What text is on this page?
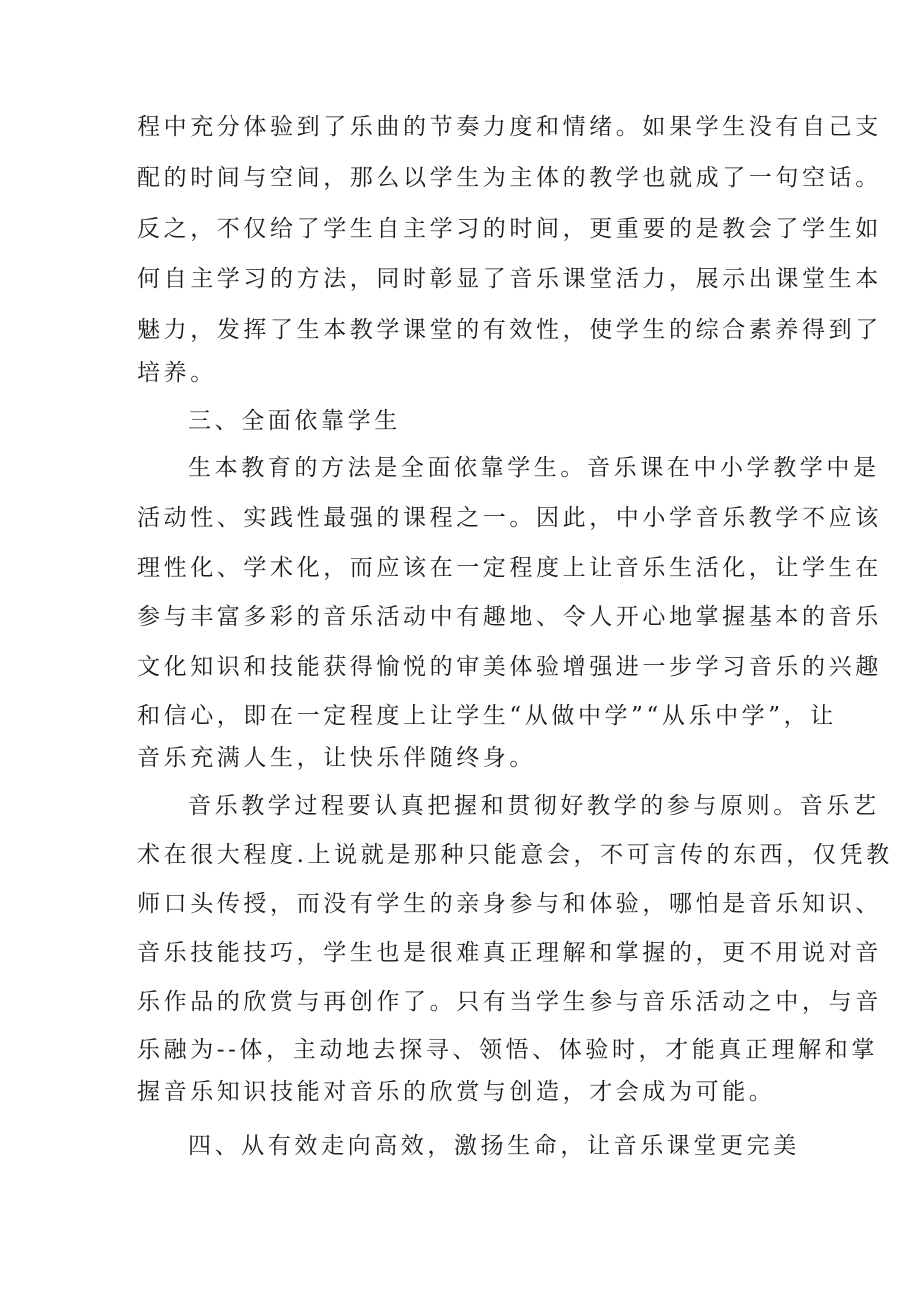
程中充分体验到了乐曲的节奏力度和情绪。如果学生没有自己支
配的时间与空间，那么以学生为主体的教学也就成了一句空话。
反之，不仅给了学生自主学习的时间，更重要的是教会了学生如
何自主学习的方法，同时彰显了音乐课堂活力，展示出课堂生本
魅力，发挥了生本教学课堂的有效性，使学生的综合素养得到了
培养。
三、全面依靠学生
生本教育的方法是全面依靠学生。音乐课在中小学教学中是
活动性、实践性最强的课程之一。因此，中小学音乐教学不应该
理性化、学术化，而应该在一定程度上让音乐生活化，让学生在
参与丰富多彩的音乐活动中有趣地、令人开心地掌握基本的音乐
文化知识和技能获得愉悦的审美体验增强进一步学习音乐的兴趣
和信心，即在一定程度上让学生“从做中学”“从乐中学”，让
音乐充满人生，让快乐伴随终身。
音乐教学过程要认真把握和贯彻好教学的参与原则。音乐艺
术在很大程度.上说就是那种只能意会，不可言传的东西，仅凭教
师口头传授，而没有学生的亲身参与和体验，哪怕是音乐知识、
音乐技能技巧，学生也是很难真正理解和掌握的，更不用说对音
乐作品的欣赏与再创作了。只有当学生参与音乐活动之中，与音
乐融为--体，主动地去探寻、领悟、体验时，才能真正理解和掌
握音乐知识技能对音乐的欣赏与创造，才会成为可能。
四、从有效走向高效，激扬生命，让音乐课堂更完美
